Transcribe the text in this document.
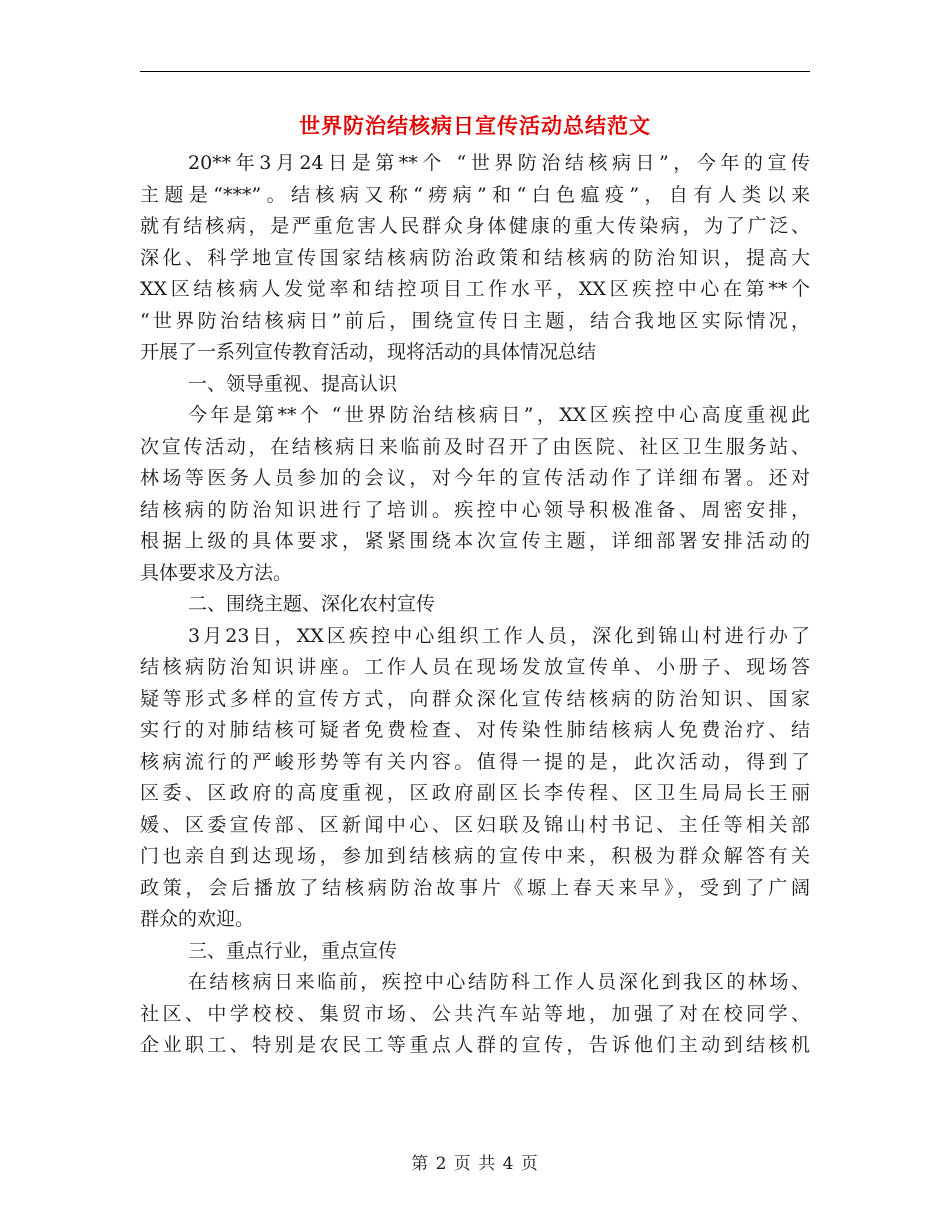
世界防治结核病日宣传活动总结范文
20**年3月24日是第**个 “世界防治结核病日”，今年的宣传
主题是“***”。结核病又称“痨病”和“白色瘟疫”，自有人类以来
就有结核病，是严重危害人民群众身体健康的重大传染病，为了广泛、
深化、科学地宣传国家结核病防治政策和结核病的防治知识，提高大
XX区结核病人发觉率和结控项目工作水平，XX区疾控中心在第**个
“世界防治结核病日”前后，围绕宣传日主题，结合我地区实际情况，
开展了一系列宣传教育活动，现将活动的具体情况总结
一、领导重视、提高认识
今年是第**个 “世界防治结核病日”，XX区疾控中心高度重视此
次宣传活动，在结核病日来临前及时召开了由医院、社区卫生服务站、
林场等医务人员参加的会议，对今年的宣传活动作了详细布署。还对
结核病的防治知识进行了培训。疾控中心领导积极准备、周密安排，
根据上级的具体要求，紧紧围绕本次宣传主题，详细部署安排活动的
具体要求及方法。
二、围绕主题、深化农村宣传
3月23日，XX区疾控中心组织工作人员，深化到锦山村进行办了
结核病防治知识讲座。工作人员在现场发放宣传单、小册子、现场答
疑等形式多样的宣传方式，向群众深化宣传结核病的防治知识、国家
实行的对肺结核可疑者免费检查、对传染性肺结核病人免费治疗、结
核病流行的严峻形势等有关内容。值得一提的是，此次活动，得到了
区委、区政府的高度重视，区政府副区长李传程、区卫生局局长王丽
媛、区委宣传部、区新闻中心、区妇联及锦山村书记、主任等相关部
门也亲自到达现场，参加到结核病的宣传中来，积极为群众解答有关
政策，会后播放了结核病防治故事片《塬上春天来早》，受到了广阔
群众的欢迎。
三、重点行业，重点宣传
在结核病日来临前，疾控中心结防科工作人员深化到我区的林场、
社区、中学校校、集贸市场、公共汽车站等地，加强了对在校同学、
企业职工、特别是农民工等重点人群的宣传，告诉他们主动到结核机
第 2 页 共 4 页
